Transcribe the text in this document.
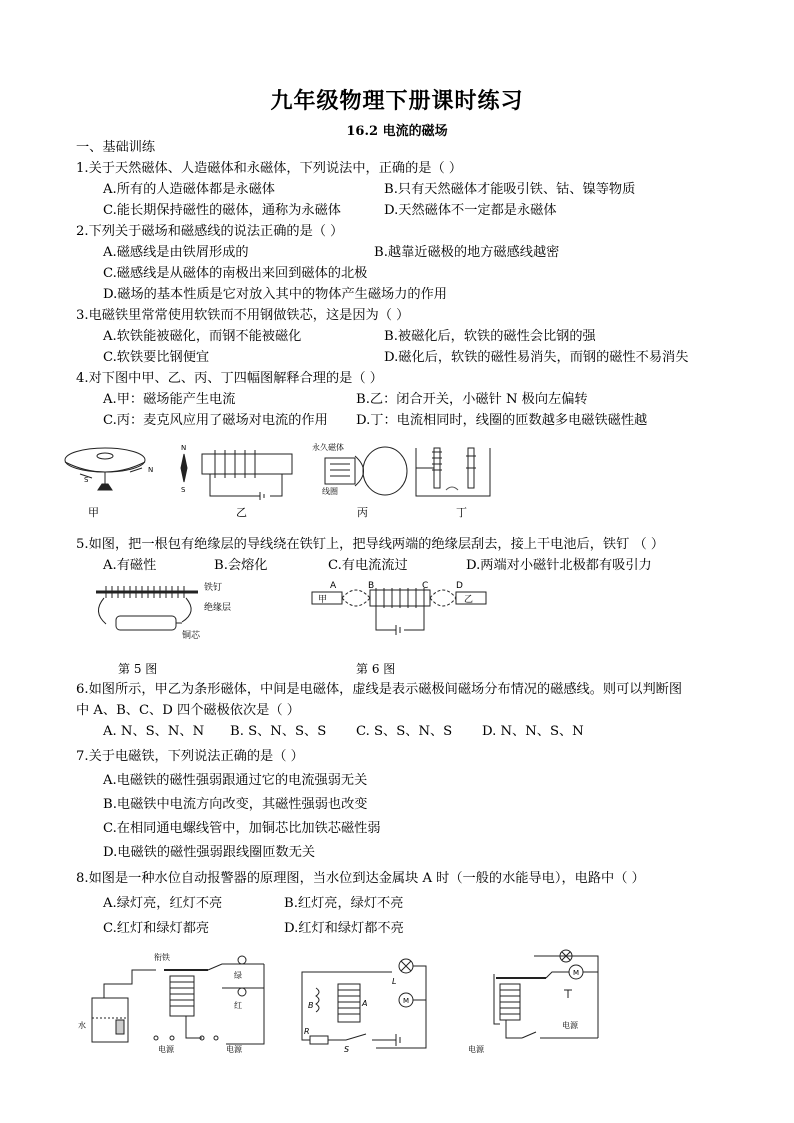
九年级物理下册课时练习
16.2 电流的磁场
一、基础训练
1.关于天然磁体、人造磁体和永磁体，下列说法中，正确的是（ ）
A.所有的人造磁体都是永磁体	B.只有天然磁体才能吸引铁、钴、镍等物质
C.能长期保持磁性的磁体，通称为永磁体	D.天然磁体不一定都是永磁体
2.下列关于磁场和磁感线的说法正确的是（ ）
A.磁感线是由铁屑形成的	B.越靠近磁极的地方磁感线越密
C.磁感线是从磁体的南极出来回到磁体的北极
D.磁场的基本性质是它对放入其中的物体产生磁场力的作用
3.电磁铁里常常使用软铁而不用钢做铁芯，这是因为（ ）
A.软铁能被磁化，而钢不能被磁化	B.被磁化后，软铁的磁性会比钢的强
C.软铁要比钢便宜	D.磁化后，软铁的磁性易消失，而钢的磁性不易消失
4.对下图中甲、乙、丙、丁四幅图解释合理的是（ ）
A.甲：磁场能产生电流	B.乙：闭合开关，小磁针 N 极向左偏转
C.丙：麦克风应用了磁场对电流的作用 D.丁：电流相同时，线圈的匝数越多电磁铁磁性越
S
N
N
S
永久磁体
线圈
甲	乙	丙	丁
5.如图，把一根包有绝缘层的导线绕在铁钉上，把导线两端的绝缘层刮去，接上干电池后，铁钉 （ ）
A.有磁性	B.会熔化	C.有电流流过	D.两端对小磁针北极都有吸引力
铁钉
绝缘层
铜芯
甲	乙
A	B	C	D
第 5 图	第 6 图
6.如图所示，甲乙为条形磁体，中间是电磁体，虚线是表示磁极间磁场分布情况的磁感线。则可以判断图
中 A、B、C、D 四个磁极依次是（ ）
A. N、S、N、N B. S、N、S、S C. S、S、N、S D. N、N、S、N
7.关于电磁铁，下列说法正确的是（ ）
A.电磁铁的磁性强弱跟通过它的电流强弱无关
B.电磁铁中电流方向改变，其磁性强弱也改变
C.在相同通电螺线管中，加铜芯比加铁芯磁性弱
D.电磁铁的磁性强弱跟线圈匝数无关
8.如图是一种水位自动报警器的原理图，当水位到达金属块 A 时（一般的水能导电），电路中（ ）
A.绿灯亮，红灯不亮	B.红灯亮，绿灯不亮
C.红灯和绿灯都亮	D.红灯和绿灯都不亮
衔铁
水
绿
红
电源	电源
B	A
L
M
R
S
M
电源
电源
